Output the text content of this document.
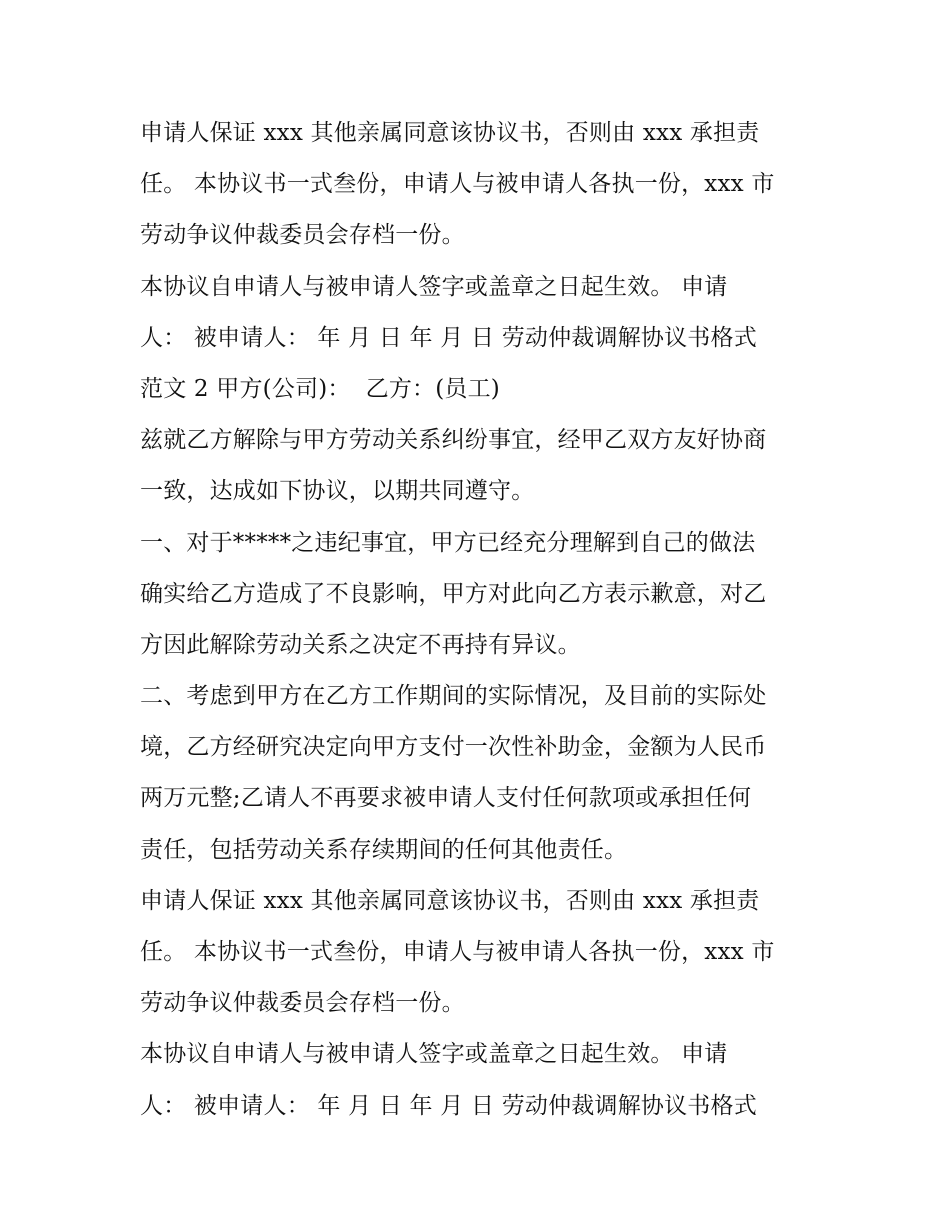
申请人保证 xxx 其他亲属同意该协议书，否则由 xxx 承担责
任。 本协议书一式叁份，申请人与被申请人各执一份，xxx 市
劳动争议仲裁委员会存档一份。
本协议自申请人与被申请人签字或盖章之日起生效。 申请
人： 被申请人： 年 月 日 年 月 日 劳动仲裁调解协议书格式
范文 2 甲方(公司)：  乙方：(员工)
兹就乙方解除与甲方劳动关系纠纷事宜，经甲乙双方友好协商
一致，达成如下协议，以期共同遵守。
一、对于*****之违纪事宜，甲方已经充分理解到自己的做法
确实给乙方造成了不良影响，甲方对此向乙方表示歉意，对乙
方因此解除劳动关系之决定不再持有异议。
二、考虑到甲方在乙方工作期间的实际情况，及目前的实际处
境，乙方经研究决定向甲方支付一次性补助金，金额为人民币
两万元整;乙请人不再要求被申请人支付任何款项或承担任何
责任，包括劳动关系存续期间的任何其他责任。
申请人保证 xxx 其他亲属同意该协议书，否则由 xxx 承担责
任。 本协议书一式叁份，申请人与被申请人各执一份，xxx 市
劳动争议仲裁委员会存档一份。
本协议自申请人与被申请人签字或盖章之日起生效。 申请
人： 被申请人： 年 月 日 年 月 日 劳动仲裁调解协议书格式
